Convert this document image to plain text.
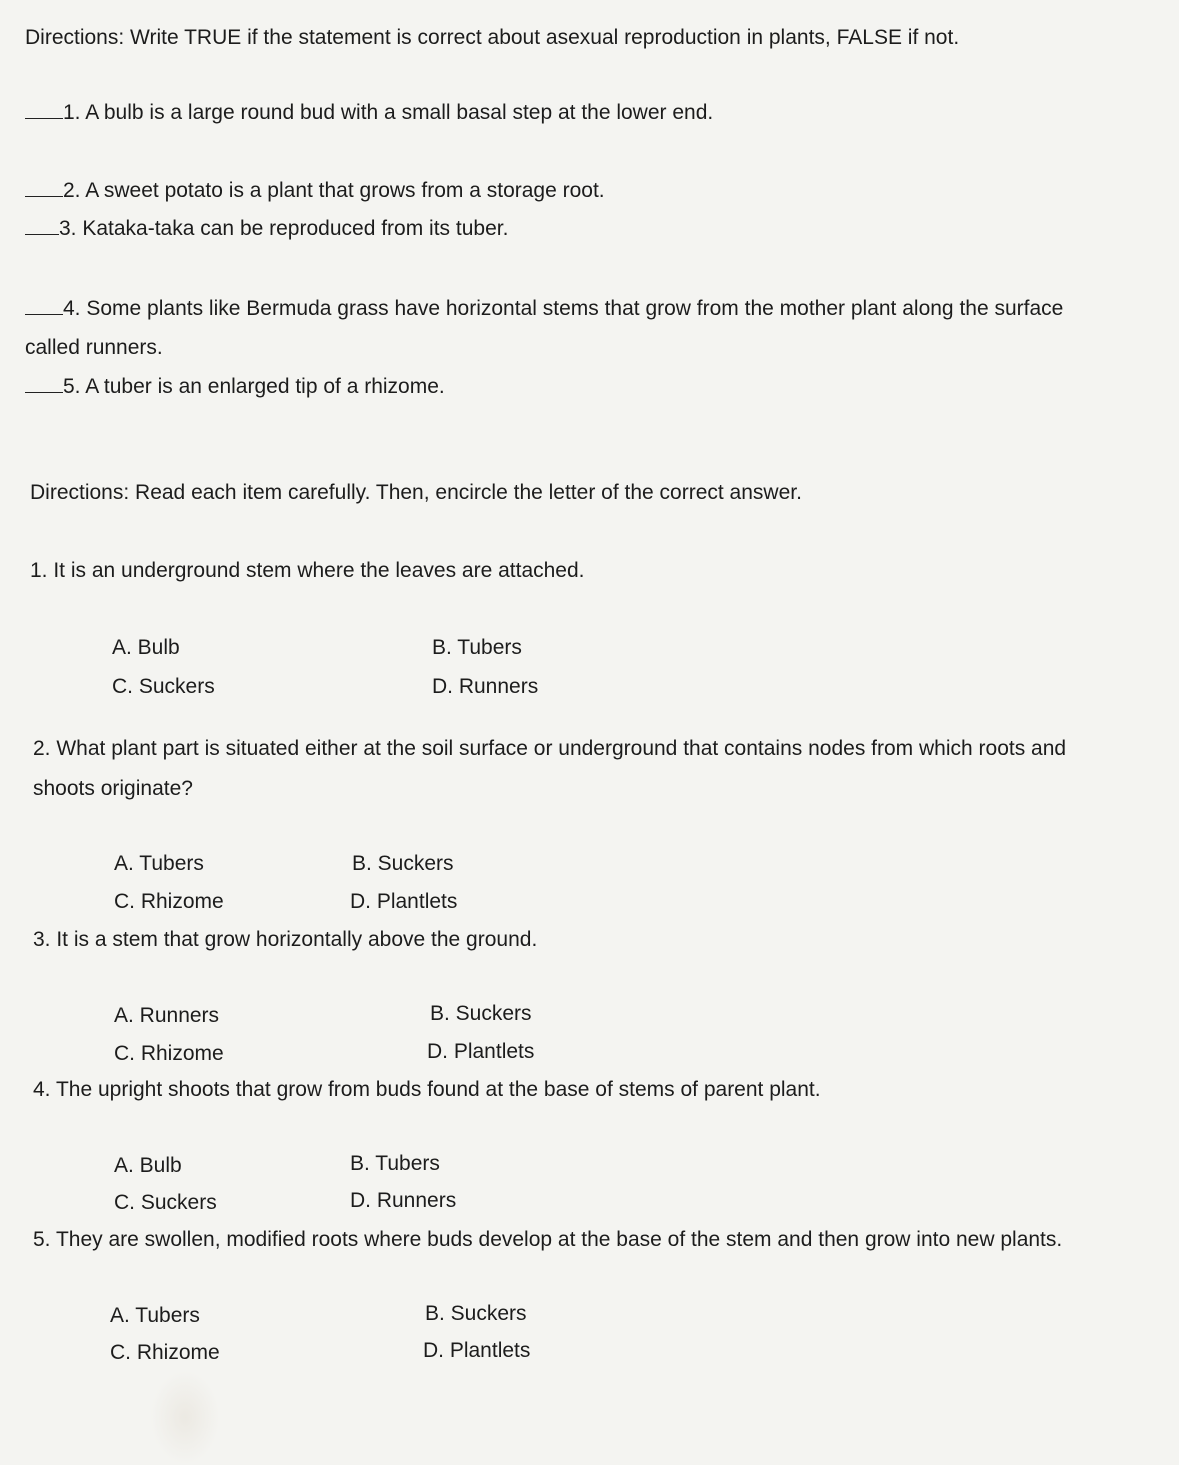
Directions: Write TRUE if the statement is correct about asexual reproduction in plants, FALSE if not.
1. A bulb is a large round bud with a small basal step at the lower end.
2. A sweet potato is a plant that grows from a storage root.
3. Kataka-taka can be reproduced from its tuber.
4. Some plants like Bermuda grass have horizontal stems that grow from the mother plant along the surface
called runners.
5. A tuber is an enlarged tip of a rhizome.
Directions: Read each item carefully. Then, encircle the letter of the correct answer.
1. It is an underground stem where the leaves are attached.
A. Bulb	B. Tubers
C. Suckers	D. Runners
2. What plant part is situated either at the soil surface or underground that contains nodes from which roots and
shoots originate?
A. Tubers	B. Suckers
C. Rhizome	D. Plantlets
3. It is a stem that grow horizontally above the ground.
A. Runners	B. Suckers
C. Rhizome	D. Plantlets
4. The upright shoots that grow from buds found at the base of stems of parent plant.
A. Bulb	B. Tubers
C. Suckers	D. Runners
5. They are swollen, modified roots where buds develop at the base of the stem and then grow into new plants.
A. Tubers	B. Suckers
C. Rhizome	D. Plantlets
